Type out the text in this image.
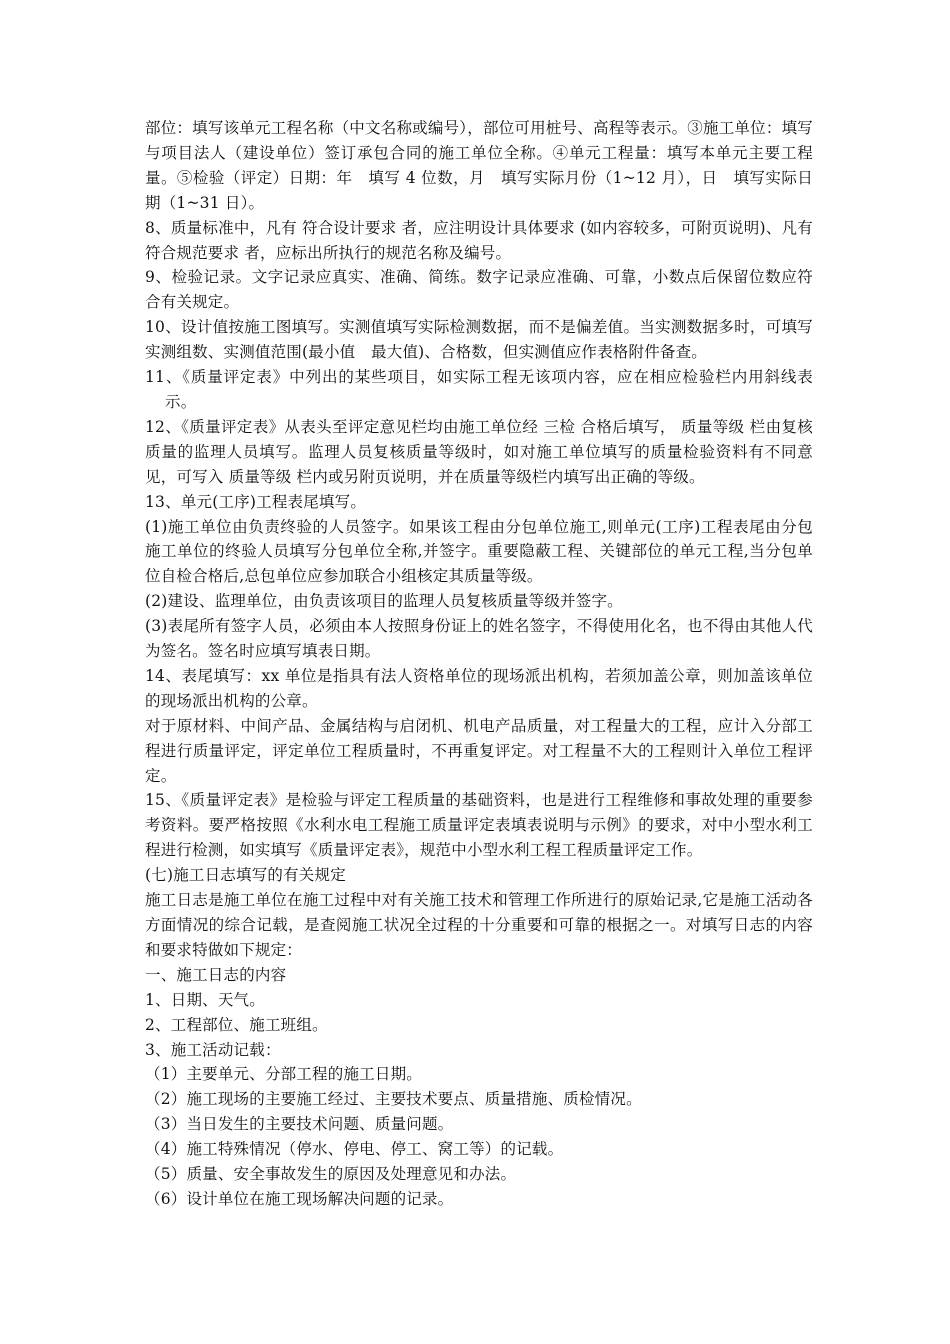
部位：填写该单元工程名称（中文名称或编号），部位可用桩号、高程等表示。③施工单位：填写与项目法人（建设单位）签订承包合同的施工单位全称。④单元工程量：填写本单元主要工程量。⑤检验（评定）日期：年　填写 4 位数，月　填写实际月份（1~12 月），日　填写实际日期（1~31 日）。

8、质量标准中，凡有 符合设计要求 者，应注明设计具体要求 (如内容较多，可附页说明)、凡有 符合规范要求 者，应标出所执行的规范名称及编号。

9、检验记录。文字记录应真实、准确、简练。数字记录应准确、可靠，小数点后保留位数应符合有关规定。

10、设计值按施工图填写。实测值填写实际检测数据，而不是偏差值。当实测数据多时，可填写实测组数、实测值范围(最小值　最大值)、合格数，但实测值应作表格附件备查。

11、《质量评定表》中列出的某些项目，如实际工程无该项内容，应在相应检验栏内用斜线表示。

12、《质量评定表》从表头至评定意见栏均由施工单位经 三检 合格后填写， 质量等级 栏由复核质量的监理人员填写。监理人员复核质量等级时，如对施工单位填写的质量检验资料有不同意见，可写入 质量等级 栏内或另附页说明，并在质量等级栏内填写出正确的等级。

13、单元(工序)工程表尾填写。

(1)施工单位由负责终验的人员签字。如果该工程由分包单位施工,则单元(工序)工程表尾由分包施工单位的终验人员填写分包单位全称,并签字。重要隐蔽工程、关键部位的单元工程,当分包单位自检合格后,总包单位应参加联合小组核定其质量等级。

(2)建设、监理单位，由负责该项目的监理人员复核质量等级并签字。

(3)表尾所有签字人员，必须由本人按照身份证上的姓名签字，不得使用化名，也不得由其他人代为签名。签名时应填写填表日期。

14、表尾填写：xx 单位是指具有法人资格单位的现场派出机构，若须加盖公章，则加盖该单位的现场派出机构的公章。

对于原材料、中间产品、金属结构与启闭机、机电产品质量，对工程量大的工程，应计入分部工程进行质量评定，评定单位工程质量时，不再重复评定。对工程量不大的工程则计入单位工程评定。

15、《质量评定表》是检验与评定工程质量的基础资料，也是进行工程维修和事故处理的重要参考资料。要严格按照《水利水电工程施工质量评定表填表说明与示例》的要求，对中小型水利工程进行检测，如实填写《质量评定表》，规范中小型水利工程工程质量评定工作。

(七)施工日志填写的有关规定

施工日志是施工单位在施工过程中对有关施工技术和管理工作所进行的原始记录,它是施工活动各方面情况的综合记载，是查阅施工状况全过程的十分重要和可靠的根据之一。对填写日志的内容和要求特做如下规定：

一、施工日志的内容

1、日期、天气。

2、工程部位、施工班组。

3、施工活动记载：

（1）主要单元、分部工程的施工日期。

（2）施工现场的主要施工经过、主要技术要点、质量措施、质检情况。

（3）当日发生的主要技术问题、质量问题。

（4）施工特殊情况（停水、停电、停工、窝工等）的记载。

（5）质量、安全事故发生的原因及处理意见和办法。

（6）设计单位在施工现场解决问题的记录。
